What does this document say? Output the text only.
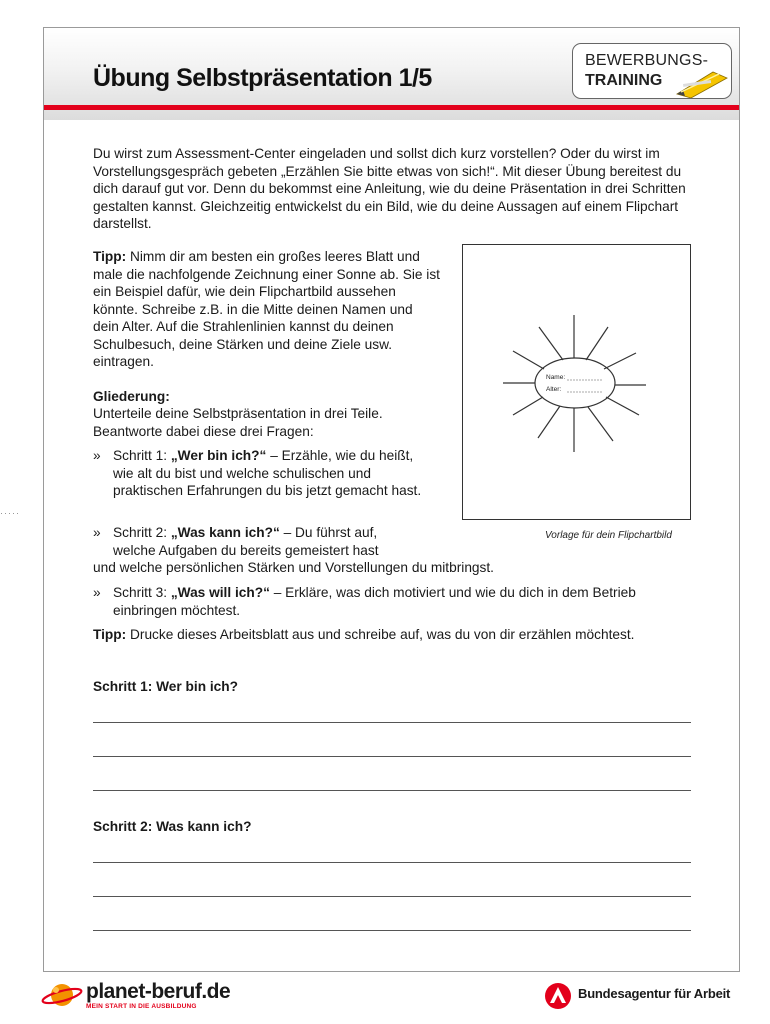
Übung Selbstpräsentation 1/5
BEWERBUNGS-
TRAINING
·····
Du wirst zum Assessment-Center eingeladen und sollst dich kurz vorstellen? Oder du wirst im Vorstellungsgespräch gebeten „Erzählen Sie bitte etwas von sich!“. Mit dieser Übung bereitest du dich darauf gut vor. Denn du bekommst eine Anleitung, wie du deine Präsentation in drei Schritten gestalten kannst. Gleichzeitig entwickelst du ein Bild, wie du deine Aussagen auf einem Flipchart darstellst.
Tipp: Nimm dir am besten ein großes leeres Blatt und male die nachfolgende Zeichnung einer Sonne ab. Sie ist ein Beispiel dafür, wie dein Flipchartbild aussehen könnte. Schreibe z.B. in die Mitte deinen Namen und dein Alter. Auf die Strahlenlinien kannst du deinen Schulbesuch, deine Stärken und deine Ziele usw. eintragen.
Gliederung:
Unterteile deine Selbstpräsentation in drei Teile. Beantworte dabei diese drei Fragen:
» Schritt 1: „Wer bin ich?“ – Erzähle, wie du heißt, wie alt du bist und welche schulischen und praktischen Erfahrungen du bis jetzt gemacht hast.
» Schritt 2: „Was kann ich?“ – Du führst auf,
welche Aufgaben du bereits gemeistert hast
und welche persönlichen Stärken und Vorstellungen du mitbringst.
» Schritt 3: „Was will ich?“ – Erkläre, was dich motiviert und wie du dich in dem Betrieb einbringen möchtest.
Tipp: Drucke dieses Arbeitsblatt aus und schreibe auf, was du von dir erzählen möchtest.
Schritt 1: Wer bin ich?
Schritt 2: Was kann ich?
Name:
Alter:
Vorlage für dein Flipchartbild
planet-beruf.de
MEIN START IN DIE AUSBILDUNG
Bundesagentur für Arbeit
